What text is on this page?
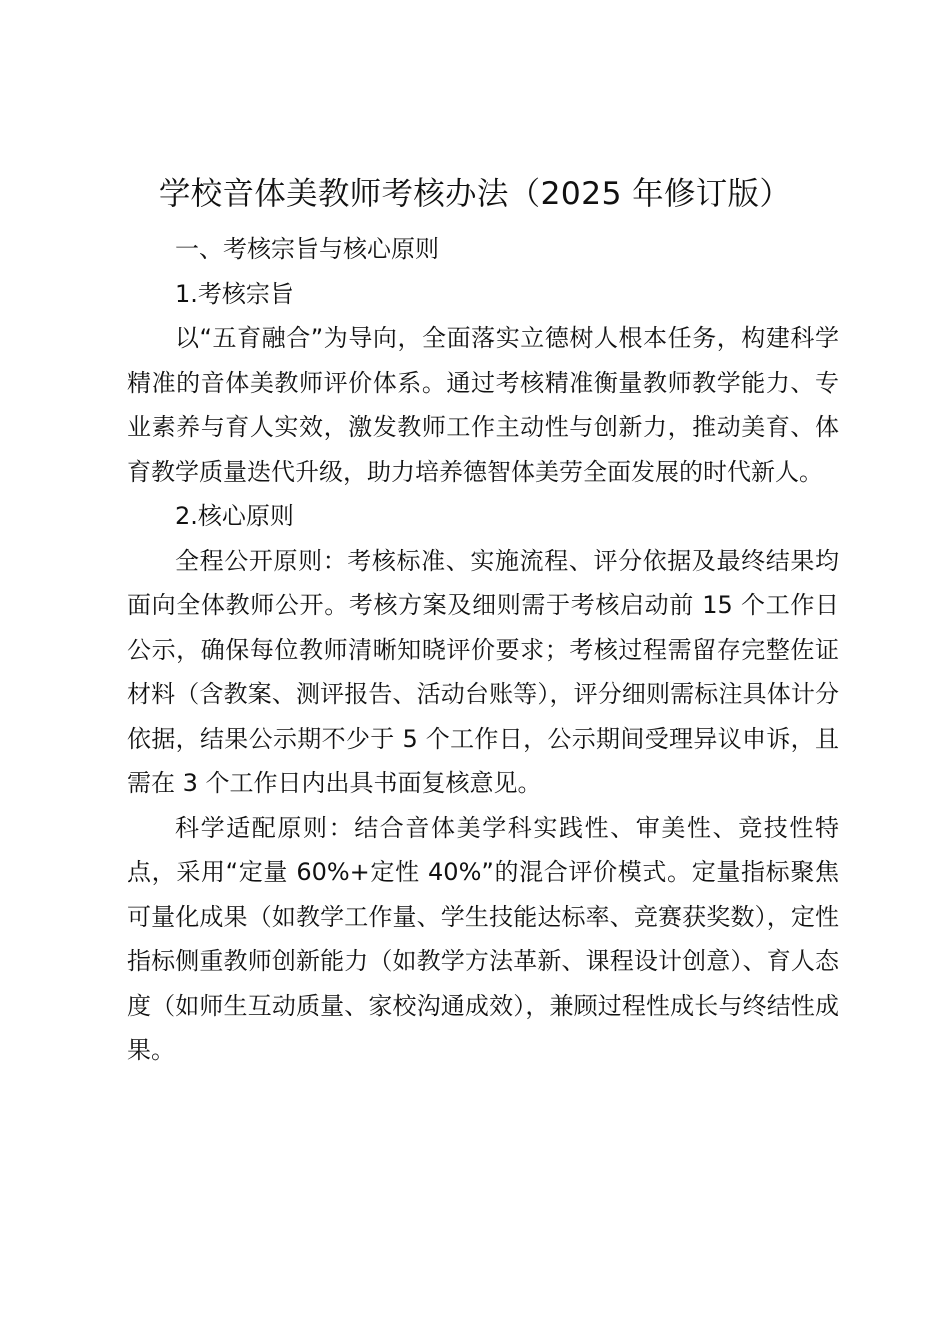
学校音体美教师考核办法（2025 年修订版）

一、考核宗旨与核心原则

1.考核宗旨

以“五育融合”为导向，全面落实立德树人根本任务，构建科学精准的音体美教师评价体系。通过考核精准衡量教师教学能力、专业素养与育人实效，激发教师工作主动性与创新力，推动美育、体育教学质量迭代升级，助力培养德智体美劳全面发展的时代新人。

2.核心原则

全程公开原则：考核标准、实施流程、评分依据及最终结果均面向全体教师公开。考核方案及细则需于考核启动前 15 个工作日公示，确保每位教师清晰知晓评价要求；考核过程需留存完整佐证材料（含教案、测评报告、活动台账等），评分细则需标注具体计分依据，结果公示期不少于 5 个工作日，公示期间受理异议申诉，且需在 3 个工作日内出具书面复核意见。

科学适配原则：结合音体美学科实践性、审美性、竞技性特点，采用“定量 60%+定性 40%”的混合评价模式。定量指标聚焦可量化成果（如教学工作量、学生技能达标率、竞赛获奖数），定性指标侧重教师创新能力（如教学方法革新、课程设计创意）、育人态度（如师生互动质量、家校沟通成效），兼顾过程性成长与终结性成果。
